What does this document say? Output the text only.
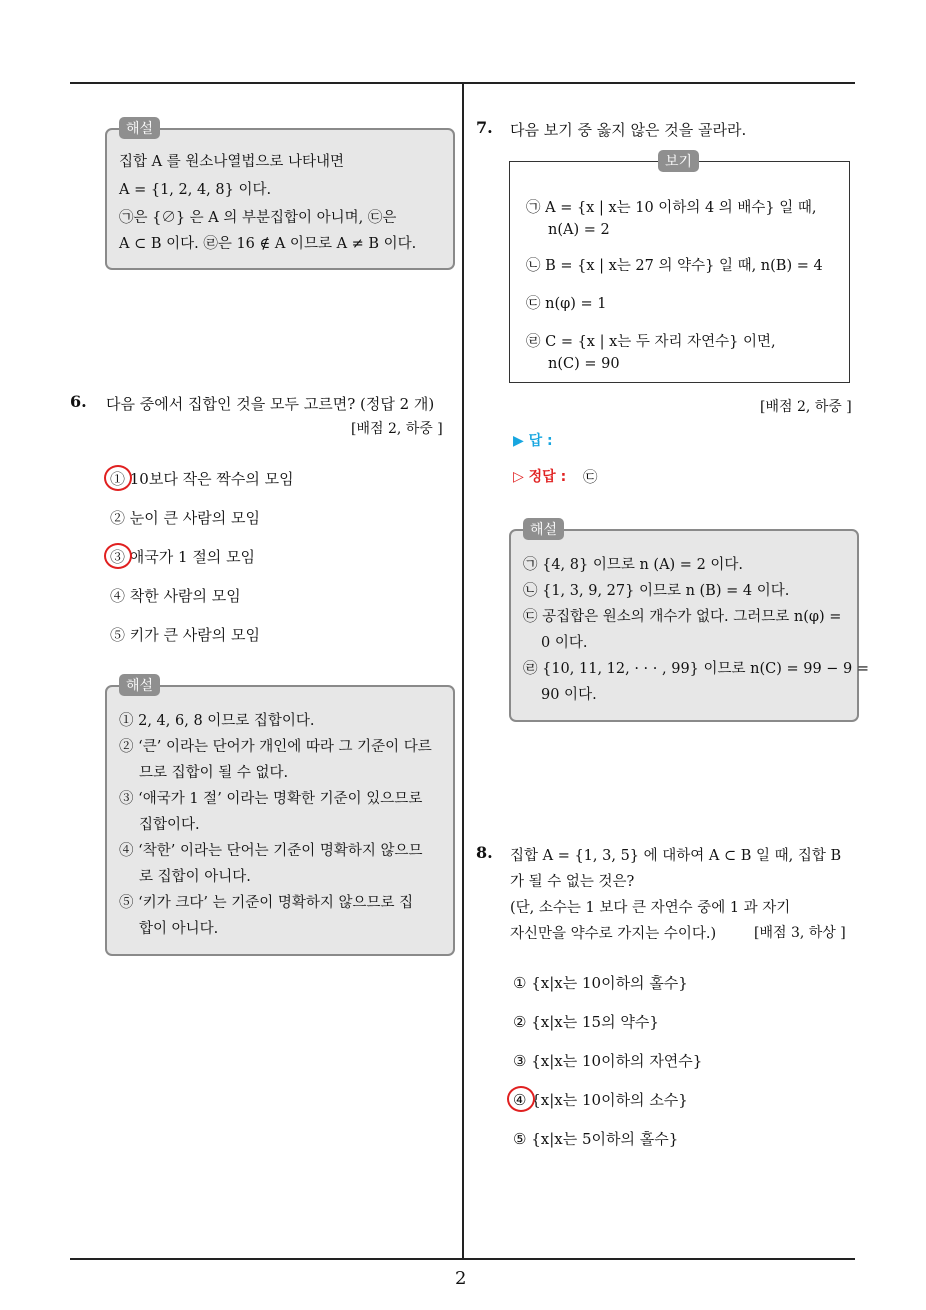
집합 A 를 원소나열법으로 나타내면
A = {1, 2, 4, 8} 이다.
㉠은 {∅} 은 A 의 부분집합이 아니며, ㉢은
A ⊂ B 이다. ㉣은 16 ∉ A 이므로 A ≠ B 이다.
해설
6. 다음 중에서 집합인 것을 모두 고르면? (정답 2 개)
[배점 2, 하중 ]
① 10보다 작은 짝수의 모임
② 눈이 큰 사람의 모임
③ 애국가 1 절의 모임
④ 착한 사람의 모임
⑤ 키가 큰 사람의 모임
① 2, 4, 6, 8 이므로 집합이다.
② ‘큰’ 이라는 단어가 개인에 따라 그 기준이 다르
므로 집합이 될 수 없다.
③ ‘애국가 1 절’ 이라는 명확한 기준이 있으므로
집합이다.
④ ‘착한’ 이라는 단어는 기준이 명확하지 않으므
로 집합이 아니다.
⑤ ‘키가 크다’ 는 기준이 명확하지 않으므로 집
합이 아니다.
해설
7. 다음 보기 중 옳지 않은 것을 골라라.
㉠ A = {x | x는 10 이하의 4 의 배수} 일 때,
n(A) = 2
㉡ B = {x | x는 27 의 약수} 일 때, n(B) = 4
㉢ n(φ) = 1
㉣ C = {x | x는 두 자리 자연수} 이면,
n(C) = 90
보기
[배점 2, 하중 ]
▶ 답 :
▷ 정답 : ㉢
㉠ {4, 8} 이므로 n (A) = 2 이다.
㉡ {1, 3, 9, 27} 이므로 n (B) = 4 이다.
㉢ 공집합은 원소의 개수가 없다. 그러므로 n(φ) =
0 이다.
㉣ {10, 11, 12, · · · , 99} 이므로 n(C) = 99 − 9 =
90 이다.
해설
8. 집합 A = {1, 3, 5} 에 대하여 A ⊂ B 일 때, 집합 B
가 될 수 없는 것은?
(단, 소수는 1 보다 큰 자연수 중에 1 과 자기
자신만을 약수로 가지는 수이다.)	[배점 3, 하상 ]
① {x|x는 10이하의 홀수}
② {x|x는 15의 약수}
③ {x|x는 10이하의 자연수}
④ {x|x는 10이하의 소수}
⑤ {x|x는 5이하의 홀수}
2
